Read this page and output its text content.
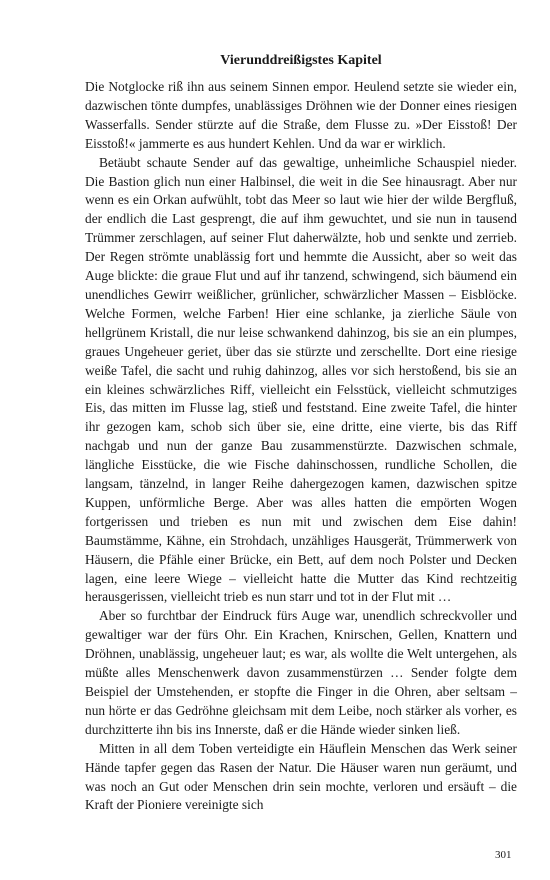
Vierunddreißigstes Kapitel

Die Notglocke riß ihn aus seinem Sinnen empor. Heulend setzte sie wieder ein, dazwischen tönte dumpfes, unablässiges Dröhnen wie der Donner eines riesigen Wasserfalls. Sender stürzte auf die Straße, dem Flusse zu. »Der Eisstoß! Der Eisstoß!« jammerte es aus hundert Kehlen. Und da war er wirklich.

Betäubt schaute Sender auf das gewaltige, unheimliche Schauspiel nieder. Die Bastion glich nun einer Halbinsel, die weit in die See hinausragt. Aber nur wenn es ein Orkan aufwühlt, tobt das Meer so laut wie hier der wilde Bergfluß, der endlich die Last gesprengt, die auf ihm gewuchtet, und sie nun in tausend Trümmer zerschlagen, auf seiner Flut daherwälzte, hob und senkte und zerrieb. Der Regen strömte unablässig fort und hemmte die Aussicht, aber so weit das Auge blickte: die graue Flut und auf ihr tanzend, schwingend, sich bäumend ein unendliches Gewirr weißlicher, grünlicher, schwärzlicher Massen – Eisblöcke. Welche Formen, welche Farben! Hier eine schlanke, ja zierliche Säule von hellgrünem Kristall, die nur leise schwankend dahinzog, bis sie an ein plumpes, graues Ungeheuer geriet, über das sie stürzte und zerschellte. Dort eine riesige weiße Tafel, die sacht und ruhig dahinzog, alles vor sich herstoßend, bis sie an ein kleines schwärzliches Riff, vielleicht ein Felsstück, vielleicht schmutziges Eis, das mitten im Flusse lag, stieß und feststand. Eine zweite Tafel, die hinter ihr gezogen kam, schob sich über sie, eine dritte, eine vierte, bis das Riff nachgab und nun der ganze Bau zusammenstürzte. Dazwischen schmale, längliche Eisstücke, die wie Fische dahinschossen, rundliche Schollen, die langsam, tänzelnd, in langer Reihe dahergezogen kamen, dazwischen spitze Kuppen, unförmliche Berge. Aber was alles hatten die empörten Wogen fortgerissen und trieben es nun mit und zwischen dem Eise dahin! Baumstämme, Kähne, ein Strohdach, unzähliges Hausgerät, Trümmerwerk von Häusern, die Pfähle einer Brücke, ein Bett, auf dem noch Polster und Decken lagen, eine leere Wiege – vielleicht hatte die Mutter das Kind rechtzeitig herausgerissen, vielleicht trieb es nun starr und tot in der Flut mit …

Aber so furchtbar der Eindruck fürs Auge war, unendlich schreckvoller und gewaltiger war der fürs Ohr. Ein Krachen, Knirschen, Gellen, Knattern und Dröhnen, unablässig, ungeheuer laut; es war, als wollte die Welt untergehen, als müßte alles Menschenwerk davon zusammenstürzen … Sender folgte dem Beispiel der Umstehenden, er stopfte die Finger in die Ohren, aber seltsam – nun hörte er das Gedröhne gleichsam mit dem Leibe, noch stärker als vorher, es durchzitterte ihn bis ins Innerste, daß er die Hände wieder sinken ließ.

Mitten in all dem Toben verteidigte ein Häuflein Menschen das Werk seiner Hände tapfer gegen das Rasen der Natur. Die Häuser waren nun geräumt, und was noch an Gut oder Menschen drin sein mochte, verloren und ersäuft – die Kraft der Pioniere vereinigte sich

301
